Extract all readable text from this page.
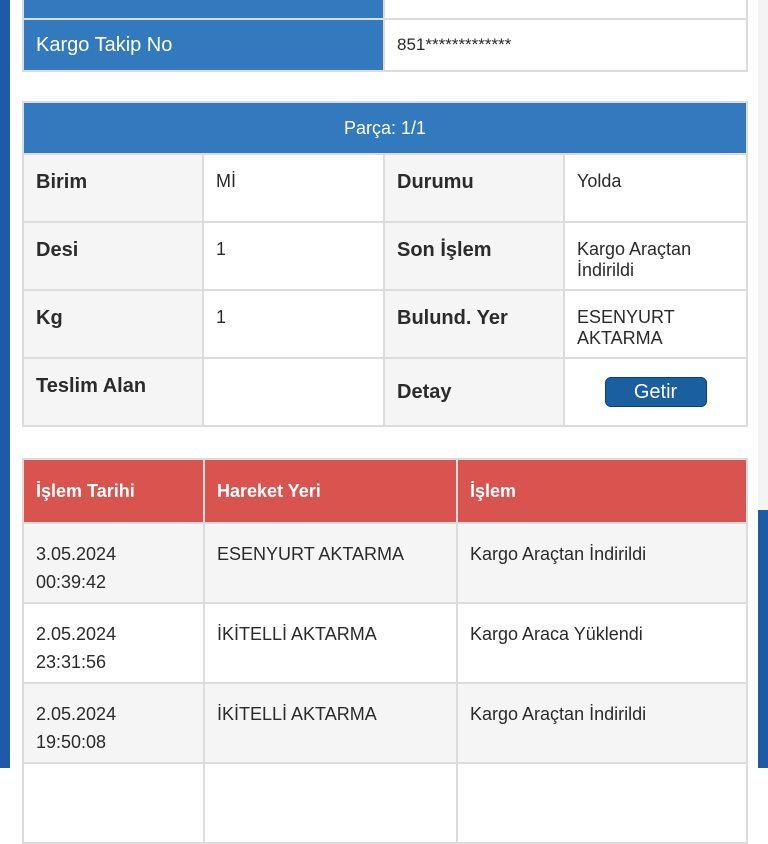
Kargo Takip No	851*************
Parça: 1/1			
Birim	Mİ	Durumu	Yolda
Desi	1	Son İşlem	Kargo Araçtan İndirildi
Kg	1	Bulund. Yer	ESENYURT AKTARMA
Teslim Alan		Detay	Getir
İşlem Tarihi	Hareket Yeri	İşlem

3.05.2024
00:39:42	ESENYURT AKTARMA	Kargo Araçtan İndirildi

2.05.2024
23:31:56	İKİTELLİ AKTARMA	Kargo Araca Yüklendi

2.05.2024
19:50:08	İKİTELLİ AKTARMA	Kargo Araçtan İndirildi
